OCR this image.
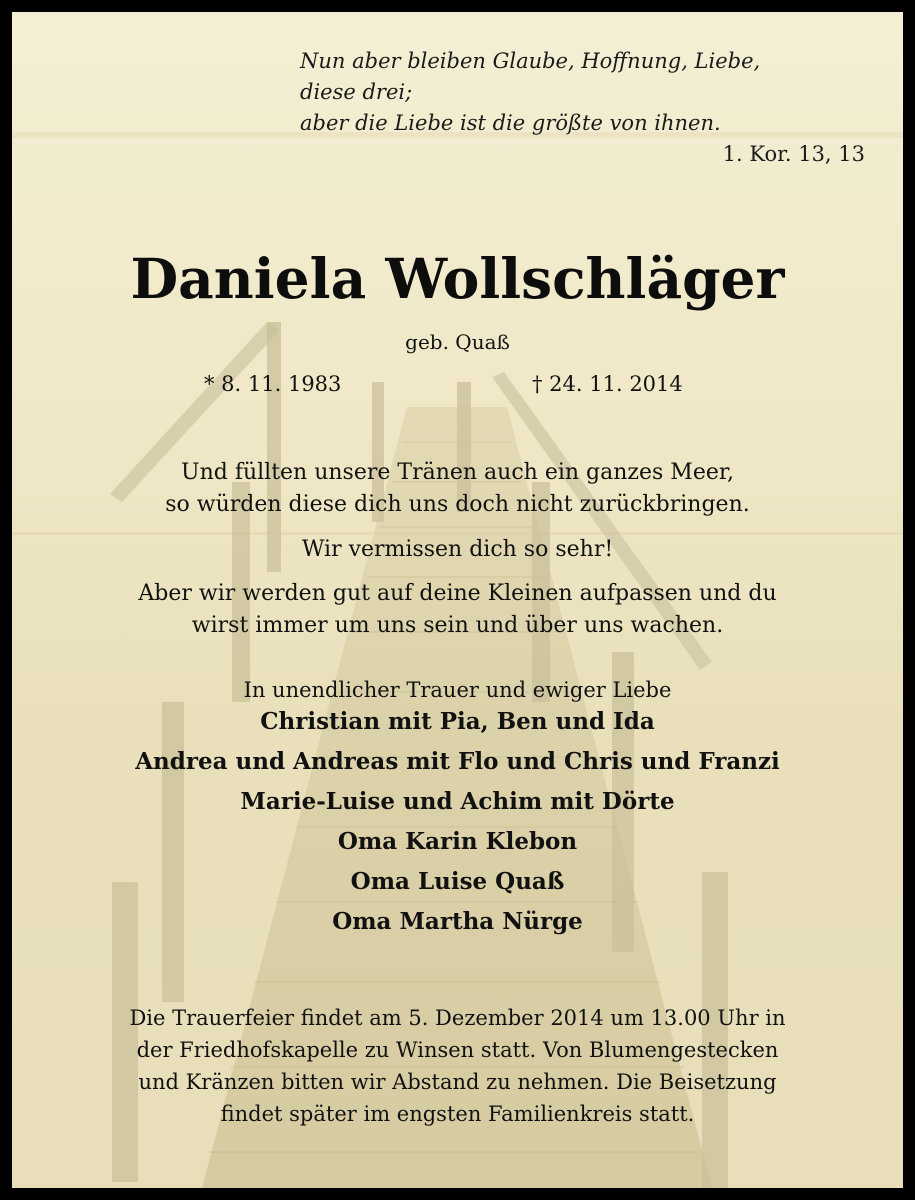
Nun aber bleiben Glaube, Hoffnung, Liebe,
diese drei;
aber die Liebe ist die größte von ihnen.
1. Kor. 13, 13
Daniela Wollschläger
geb. Quaß
* 8. 11. 1983	† 24. 11. 2014
Und füllten unsere Tränen auch ein ganzes Meer,
so würden diese dich uns doch nicht zurückbringen.
Wir vermissen dich so sehr!
Aber wir werden gut auf deine Kleinen aufpassen und du
wirst immer um uns sein und über uns wachen.
In unendlicher Trauer und ewiger Liebe
Christian mit Pia, Ben und Ida
Andrea und Andreas mit Flo und Chris und Franzi
Marie-Luise und Achim mit Dörte
Oma Karin Klebon
Oma Luise Quaß
Oma Martha Nürge
Die Trauerfeier findet am 5. Dezember 2014 um 13.00 Uhr in
der Friedhofskapelle zu Winsen statt. Von Blumengestecken
und Kränzen bitten wir Abstand zu nehmen. Die Beisetzung
findet später im engsten Familienkreis statt.
